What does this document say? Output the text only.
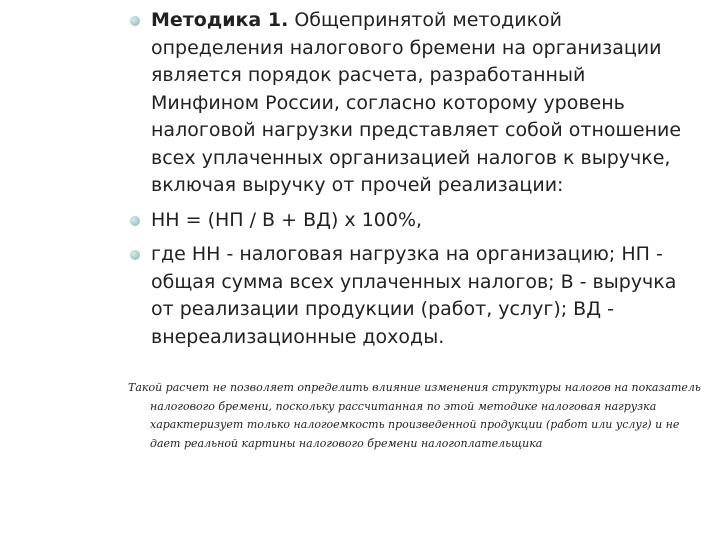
Методика 1. Общепринятой методикой
определения налогового бремени на организации
является порядок расчета, разработанный
Минфином России, согласно которому уровень
налоговой нагрузки представляет собой отношение
всех уплаченных организацией налогов к выручке,
включая выручку от прочей реализации:
НН = (НП / В + ВД) х 100%,
где НН - налоговая нагрузка на организацию; НП -
общая сумма всех уплаченных налогов; В - выручка
от реализации продукции (работ, услуг); ВД -
внереализационные доходы.
Такой расчет не позволяет определить влияние изменения структуры налогов на показатель
налогового бремени, поскольку рассчитанная по этой методике налоговая нагрузка
характеризует только налогоемкость произведенной продукции (работ или услуг) и не
дает реальной картины налогового бремени налогоплательщика
